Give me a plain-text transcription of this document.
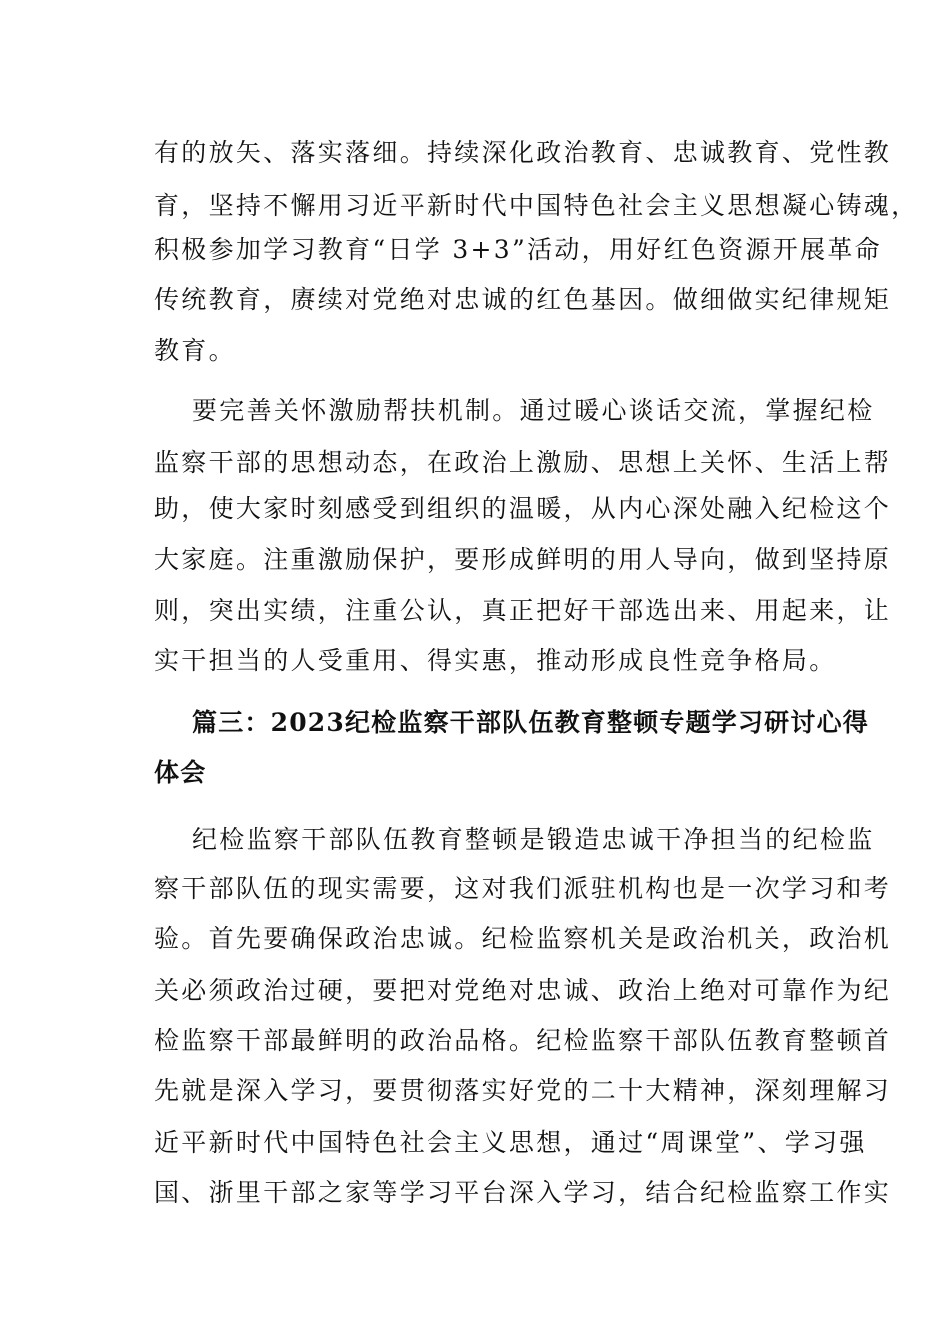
有的放矢、落实落细。持续深化政治教育、忠诚教育、党性教
育，坚持不懈用习近平新时代中国特色社会主义思想凝心铸魂，
积极参加学习教育“日学 3+3”活动，用好红色资源开展革命
传统教育，赓续对党绝对忠诚的红色基因。做细做实纪律规矩
教育。
要完善关怀激励帮扶机制。通过暖心谈话交流，掌握纪检
监察干部的思想动态，在政治上激励、思想上关怀、生活上帮
助，使大家时刻感受到组织的温暖，从内心深处融入纪检这个
大家庭。注重激励保护，要形成鲜明的用人导向，做到坚持原
则，突出实绩，注重公认，真正把好干部选出来、用起来，让
实干担当的人受重用、得实惠，推动形成良性竞争格局。
篇三：2023纪检监察干部队伍教育整顿专题学习研讨心得
体会
纪检监察干部队伍教育整顿是锻造忠诚干净担当的纪检监
察干部队伍的现实需要，这对我们派驻机构也是一次学习和考
验。首先要确保政治忠诚。纪检监察机关是政治机关，政治机
关必须政治过硬，要把对党绝对忠诚、政治上绝对可靠作为纪
检监察干部最鲜明的政治品格。纪检监察干部队伍教育整顿首
先就是深入学习，要贯彻落实好党的二十大精神，深刻理解习
近平新时代中国特色社会主义思想，通过“周课堂”、学习强
国、浙里干部之家等学习平台深入学习，结合纪检监察工作实
